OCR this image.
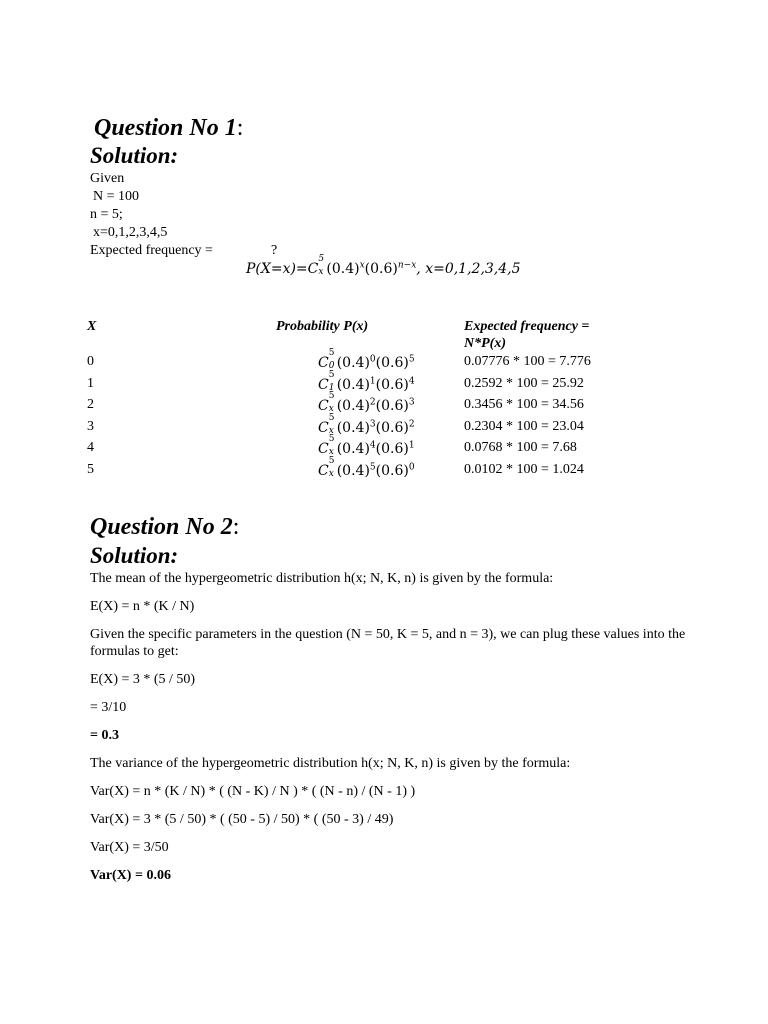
Question No 1:
Solution:
Given
N = 100
n = 5;
x=0,1,2,3,4,5
Expected frequency =	?
P(X=x)=C
5
x $(0.4)^x(0.6)^{n-x}$, x=0,1,2,3,4,5
X	Probability P(x)	Expected frequency =
N*P(x)
0	C
5
0 $(0.4)^0(0.6)^5$	0.07776 * 100 = 7.776
1	C
5
1 $(0.4)^1(0.6)^4$	0.2592 * 100 = 25.92
2	C
5
x $(0.4)^2(0.6)^3$	0.3456 * 100 = 34.56
3	C
5
x $(0.4)^3(0.6)^2$	0.2304 * 100 = 23.04
4	C
5
x $(0.4)^4(0.6)^1$	0.0768 * 100 = 7.68
5	C
5
x $(0.4)^5(0.6)^0$	0.0102 * 100 = 1.024
Question No 2:
Solution:
The mean of the hypergeometric distribution h(x; N, K, n) is given by the formula:
E(X) = n * (K / N)
Given the specific parameters in the question (N = 50, K = 5, and n = 3), we can plug these values into the
formulas to get:
E(X) = 3 * (5 / 50)
= 3/10
= 0.3
The variance of the hypergeometric distribution h(x; N, K, n) is given by the formula:
Var(X) = n * (K / N) * ( (N - K) / N ) * ( (N - n) / (N - 1) )
Var(X) = 3 * (5 / 50) * ( (50 - 5) / 50) * ( (50 - 3) / 49)
Var(X) = 3/50
Var(X) = 0.06
